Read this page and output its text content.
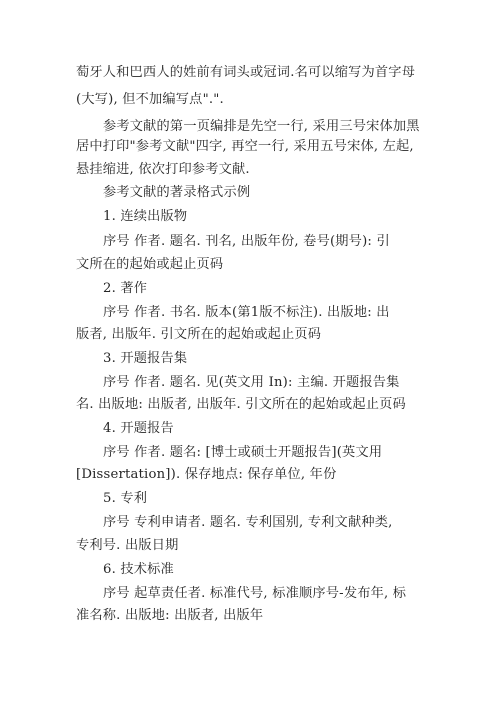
萄牙人和巴西人的姓前有词头或冠词.名可以缩写为首字母
(大写), 但不加编写点".".
参考文献的第一页编排是先空一行, 采用三号宋体加黑
居中打印"参考文献"四字, 再空一行, 采用五号宋体, 左起,
悬挂缩进, 依次打印参考文献.
参考文献的著录格式示例
1. 连续出版物
序号 作者. 题名. 刊名, 出版年份, 卷号(期号): 引
文所在的起始或起止页码
2. 著作
序号 作者. 书名. 版本(第1版不标注). 出版地: 出
版者, 出版年. 引文所在的起始或起止页码
3. 开题报告集
序号 作者. 题名. 见(英文用 In): 主编. 开题报告集
名. 出版地: 出版者, 出版年. 引文所在的起始或起止页码
4. 开题报告
序号 作者. 题名: [博士或硕士开题报告](英文用
[Dissertation]). 保存地点: 保存单位, 年份
5. 专利
序号 专利申请者. 题名. 专利国别, 专利文献种类,
专利号. 出版日期
6. 技术标准
序号 起草责任者. 标准代号, 标准顺序号-发布年, 标
准名称. 出版地: 出版者, 出版年
